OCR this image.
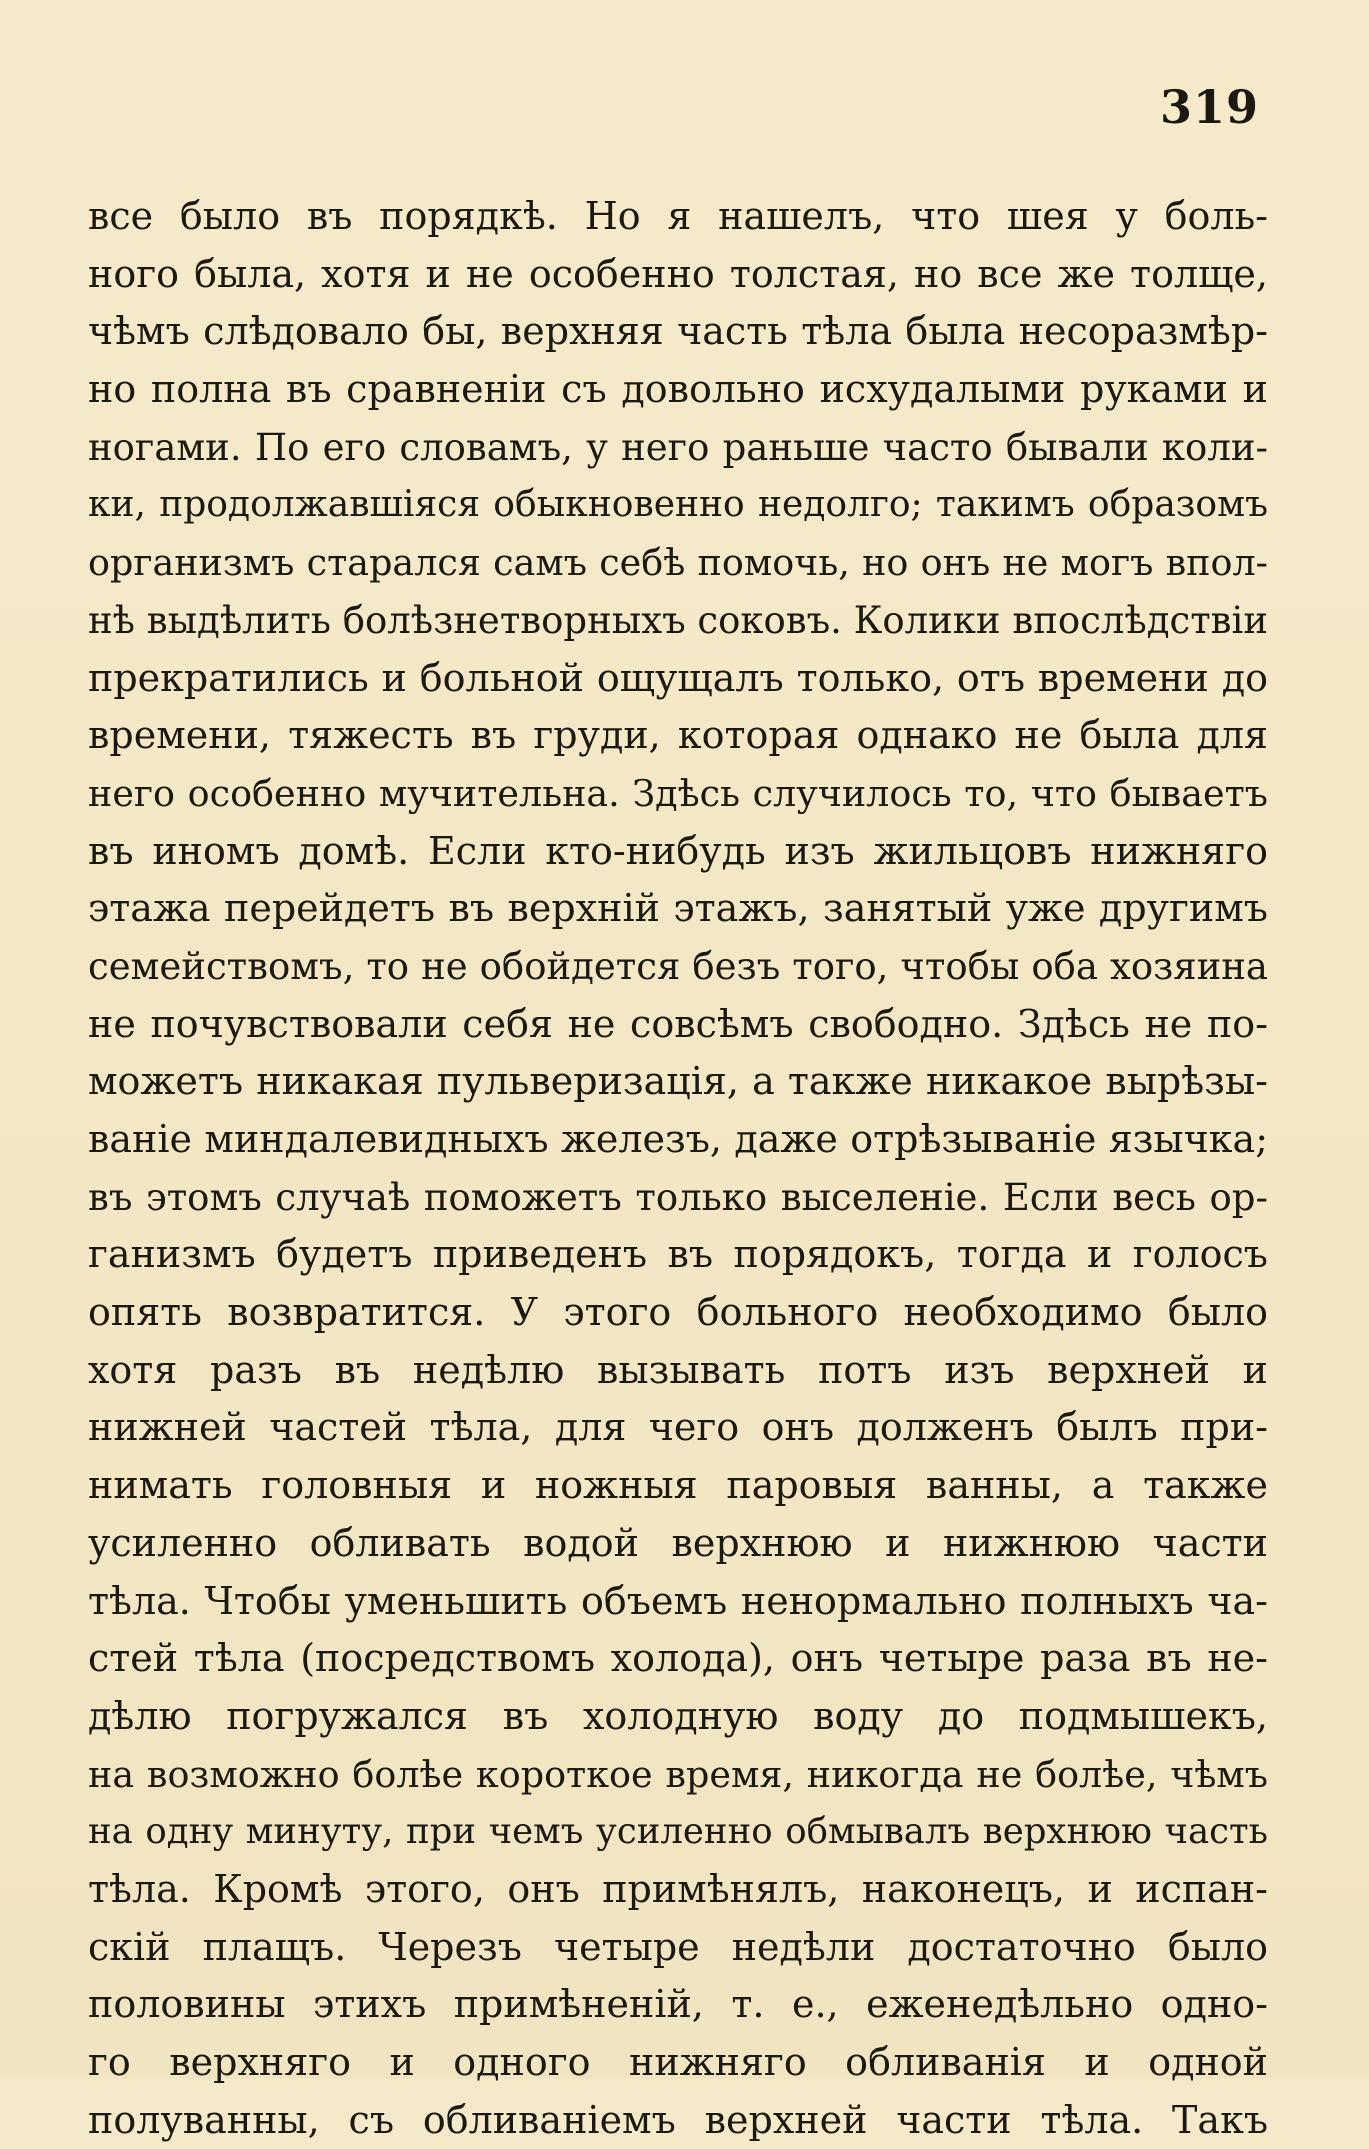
319
все было въ порядкѣ. Но я нашелъ, что шея у боль-
ного была, хотя и не особенно толстая, но все же толще,
чѣмъ слѣдовало бы, верхняя часть тѣла была несоразмѣр-
но полна въ сравненіи съ довольно исхудалыми руками и
ногами. По его словамъ, у него раньше часто бывали коли-
ки, продолжавшіяся обыкновенно недолго; такимъ образомъ
организмъ старался самъ себѣ помочь, но онъ не могъ впол-
нѣ выдѣлить болѣзнетворныхъ соковъ. Колики впослѣдствіи
прекратились и больной ощущалъ только, отъ времени до
времени, тяжесть въ груди, которая однако не была для
него особенно мучительна. Здѣсь случилось то, что бываетъ
въ иномъ домѣ. Если кто-нибудь изъ жильцовъ нижняго
этажа перейдетъ въ верхній этажъ, занятый уже другимъ
семействомъ, то не обойдется безъ того, чтобы оба хозяина
не почувствовали себя не совсѣмъ свободно. Здѣсь не по-
можетъ никакая пульверизація, а также никакое вырѣзы-
ваніе миндалевидныхъ железъ, даже отрѣзываніе язычка;
въ этомъ случаѣ поможетъ только выселеніе. Если весь ор-
ганизмъ будетъ приведенъ въ порядокъ, тогда и голосъ
опять возвратится. У этого больного необходимо было
хотя разъ въ недѣлю вызывать потъ изъ верхней и
нижней частей тѣла, для чего онъ долженъ былъ при-
нимать головныя и ножныя паровыя ванны, а также
усиленно обливать водой верхнюю и нижнюю части
тѣла. Чтобы уменьшить объемъ ненормально полныхъ ча-
стей тѣла (посредствомъ холода), онъ четыре раза въ не-
дѣлю погружался въ холодную воду до подмышекъ,
на возможно болѣе короткое время, никогда не болѣе, чѣмъ
на одну минуту, при чемъ усиленно обмывалъ верхнюю часть
тѣла. Кромѣ этого, онъ примѣнялъ, наконецъ, и испан-
скій плащъ. Черезъ четыре недѣли достаточно было
половины этихъ примѣненій, т. е., еженедѣльно одно-
го верхняго и одного нижняго обливанія и одной
полуванны, съ обливаніемъ верхней части тѣла. Такъ
